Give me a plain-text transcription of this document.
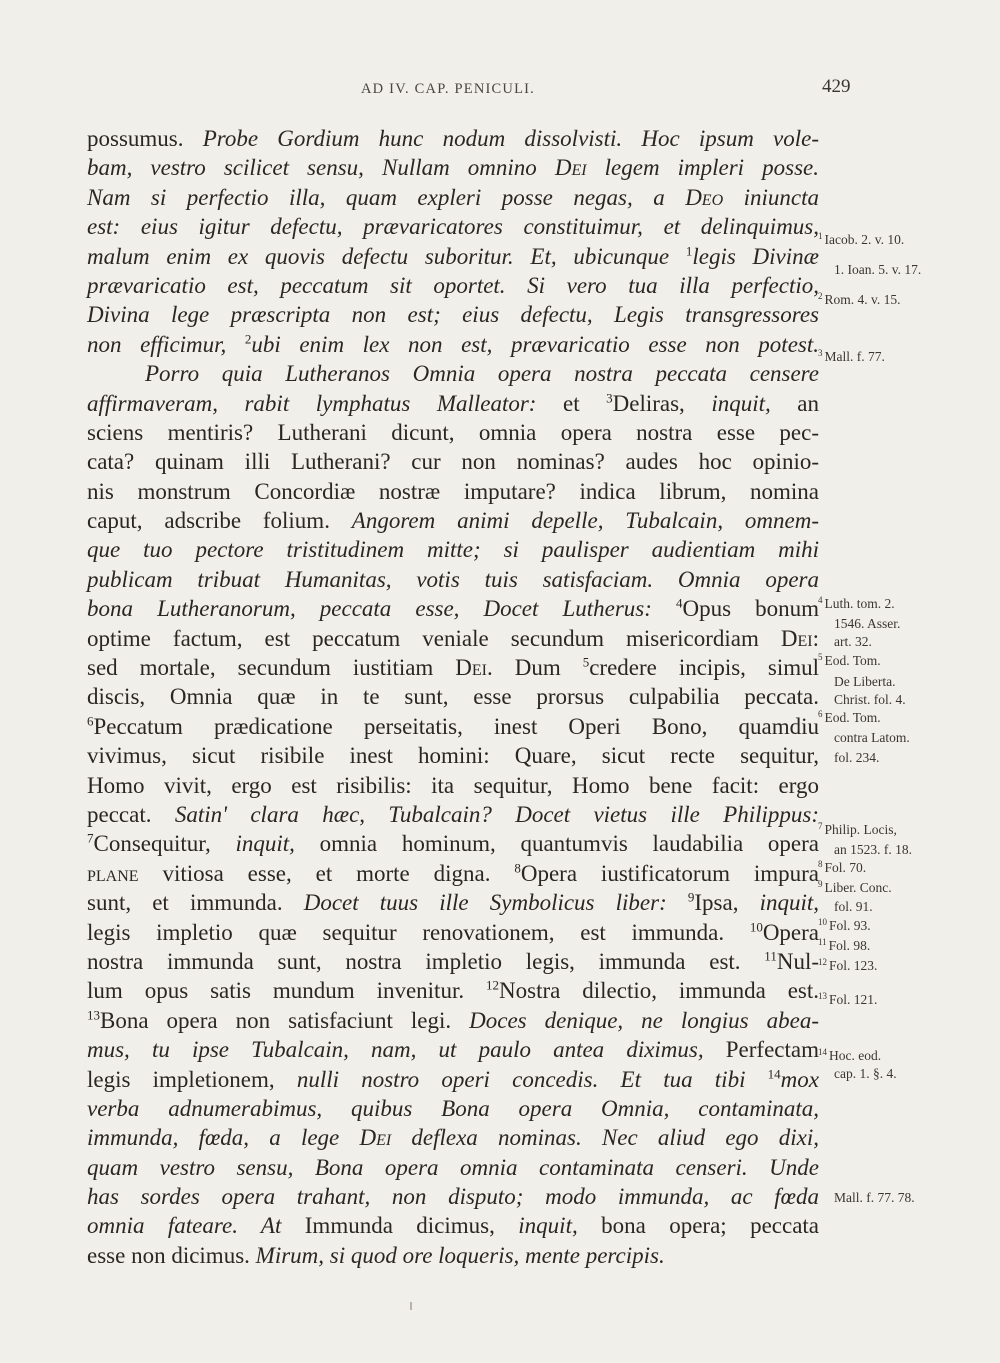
AD IV. CAP. PENICULI.	429
possumus. Probe Gordium hunc nodum dissolvisti. Hoc ipsum vole-
bam, vestro scilicet sensu, Nullam omnino Dei legem impleri posse.
Nam si perfectio illa, quam expleri posse negas, a Deo iniuncta
est: eius igitur defectu, prævaricatores constituimur, et delinquimus,
malum enim ex quovis defectu suboritur. Et, ubicunque $^1$legis Divinæ
prævaricatio est, peccatum sit oportet. Si vero tua illa perfectio,
Divina lege præscripta non est; eius defectu, Legis transgressores
non efficimur, $^2$ubi enim lex non est, prævaricatio esse non potest.
Porro quia Lutheranos Omnia opera nostra peccata censere
affirmaveram, rabit lymphatus Malleator: et $^3$Deliras, inquit, an
sciens mentiris? Lutherani dicunt, omnia opera nostra esse pec-
cata? quinam illi Lutherani? cur non nominas? audes hoc opinio-
nis monstrum Concordiæ nostræ imputare? indica librum, nomina
caput, adscribe folium. Angorem animi depelle, Tubalcain, omnem-
que tuo pectore tristitudinem mitte; si paulisper audientiam mihi
publicam tribuat Humanitas, votis tuis satisfaciam. Omnia opera
bona Lutheranorum, peccata esse, Docet Lutherus: $^4$Opus bonum
optime factum, est peccatum veniale secundum misericordiam Dei:
sed mortale, secundum iustitiam Dei. Dum $^5$credere incipis, simul
discis, Omnia quæ in te sunt, esse prorsus culpabilia peccata.
$^6$Peccatum prædicatione perseitatis, inest Operi Bono, quamdiu
vivimus, sicut risibile inest homini: Quare, sicut recte sequitur,
Homo vivit, ergo est risibilis: ita sequitur, Homo bene facit: ergo
peccat. Satin' clara hæc, Tubalcain? Docet vietus ille Philippus:
$^7$Consequitur, inquit, omnia hominum, quantumvis laudabilia opera
plane vitiosa esse, et morte digna. $^8$Opera iustificatorum impura
sunt, et immunda. Docet tuus ille Symbolicus liber: $^9$Ipsa, inquit,
legis impletio quæ sequitur renovationem, est immunda. $^{10}$Opera
nostra immunda sunt, nostra impletio legis, immunda est. $^{11}$Nul-
lum opus satis mundum invenitur. $^{12}$Nostra dilectio, immunda est.
$^{13}$Bona opera non satisfaciunt legi. Doces denique, ne longius abea-
mus, tu ipse Tubalcain, nam, ut paulo antea diximus, Perfectam
legis impletionem, nulli nostro operi concedis. Et tua tibi $^{14}$mox
verba adnumerabimus, quibus Bona opera Omnia, contaminata,
immunda, fœda, a lege Dei deflexa nominas. Nec aliud ego dixi,
quam vestro sensu, Bona opera omnia contaminata censeri. Unde
has sordes opera trahant, non disputo; modo immunda, ac fœda
omnia fateare. At Immunda dicimus, inquit, bona opera; peccata
esse non dicimus. Mirum, si quod ore loqueris, mente percipis.
$^1$ Iacob. 2. v. 10.
1. Ioan. 5. v. 17.
$^2$ Rom. 4. v. 15.
$^3$ Mall. f. 77.
$^4$ Luth. tom. 2.
1546. Asser.
art. 32.
$^5$ Eod. Tom.
De Liberta.
Christ. fol. 4.
$^6$ Eod. Tom.
contra Latom.
fol. 234.
$^7$ Philip. Locis,
an 1523. f. 18.
$^8$ Fol. 70.
$^9$ Liber. Conc.
fol. 91.
$^{10}$ Fol. 93.
$^{11}$ Fol. 98.
$^{12}$ Fol. 123.
$^{13}$ Fol. 121.
$^{14}$ Hoc. eod.
cap. 1. §. 4.
Mall. f. 77. 78.
